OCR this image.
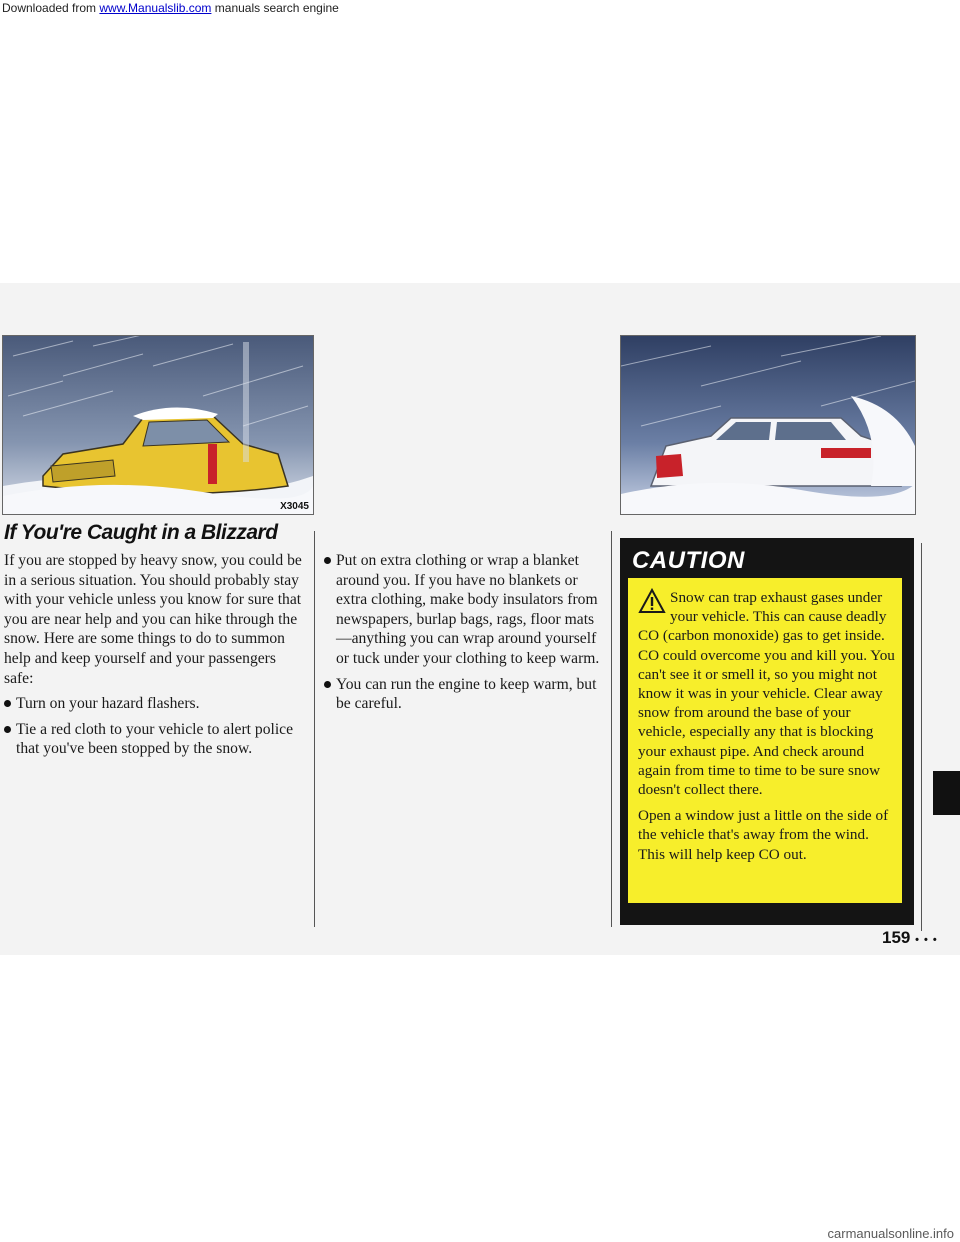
Downloaded from www.Manualslib.com manuals search engine
X3045
If You're Caught in a Blizzard

If you are stopped by heavy snow, you could be in a serious situation. You should probably stay with your vehicle unless you know for sure that you are near help and you can hike through the snow. Here are some things to do to summon help and keep yourself and your passengers safe:

Turn on your hazard flashers.
Tie a red cloth to your vehicle to alert police that you've been stopped by the snow.
Put on extra clothing or wrap a blanket around you. If you have no blankets or extra clothing, make body insulators from newspapers, burlap bags, rags, floor mats—anything you can wrap around yourself or tuck under your clothing to keep warm.
You can run the engine to keep warm, but be careful.
CAUTION

Snow can trap exhaust gases under your vehicle. This can cause deadly CO (carbon monoxide) gas to get inside. CO could overcome you and kill you. You can't see it or smell it, so you might not know it was in your vehicle. Clear away snow from around the base of your vehicle, especially any that is blocking your exhaust pipe. And check around again from time to time to be sure snow doesn't collect there.

Open a window just a little on the side of the vehicle that's away from the wind. This will help keep CO out.

159 • • •
carmanualsonline.info
